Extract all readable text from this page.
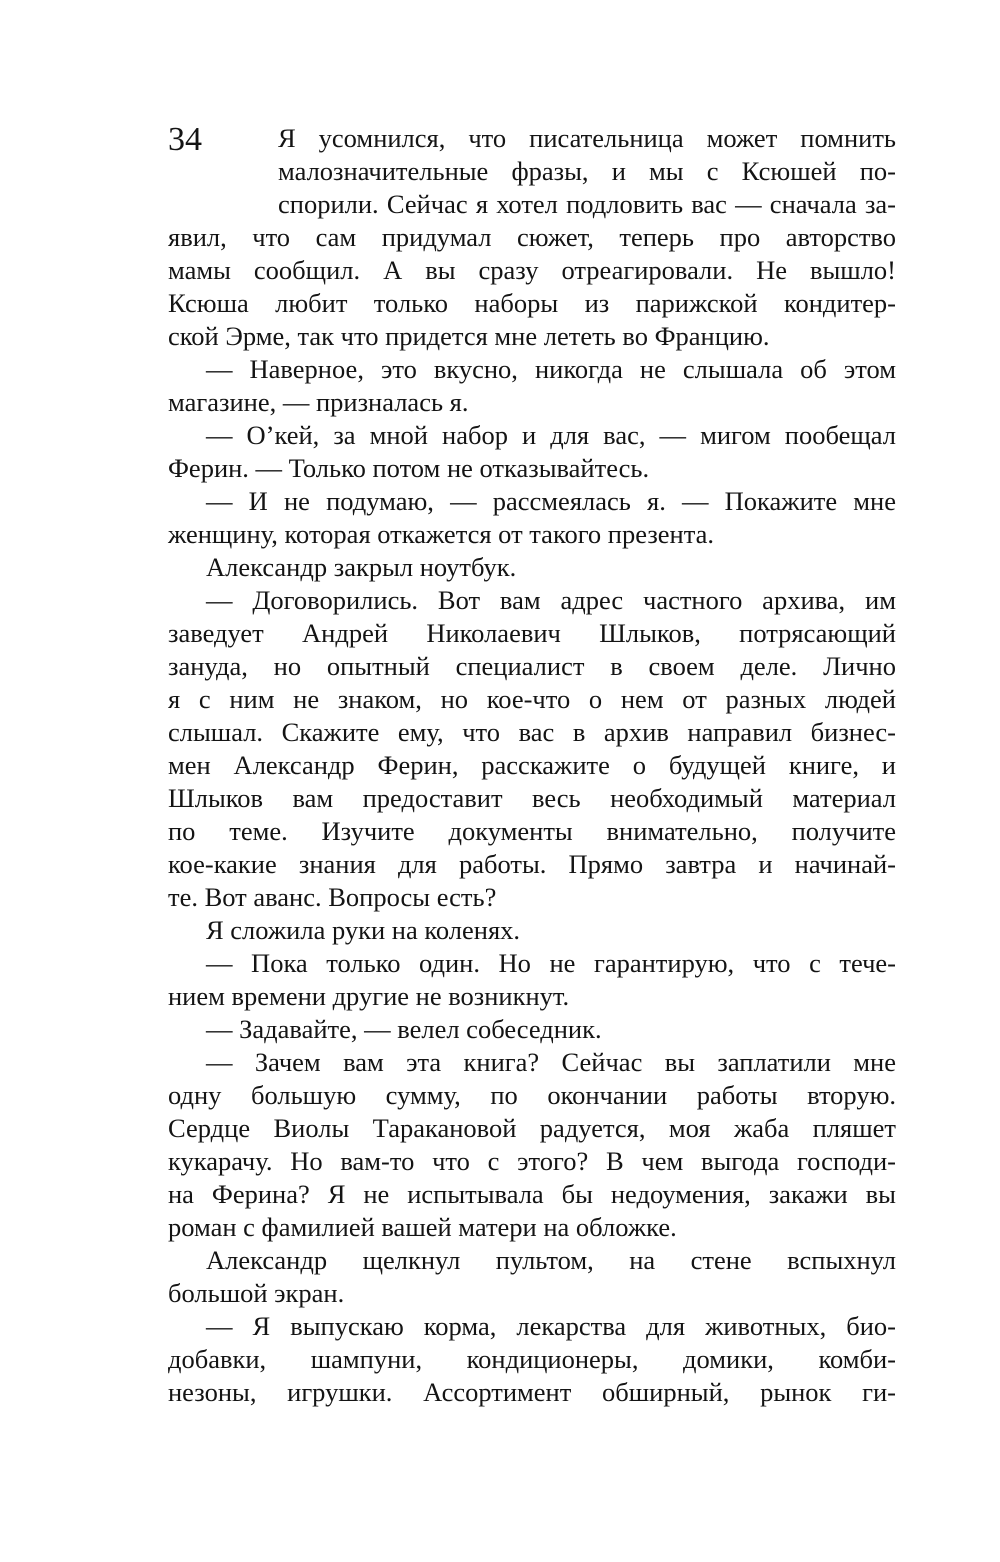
34	Я усомнился, что писательница может помнить
малозначительные фразы, и мы с Ксюшей по-
спорили. Сейчас я хотел подловить вас — сначала за-
явил, что сам придумал сюжет, теперь про авторство
мамы сообщил. А вы сразу отреагировали. Не вышло!
Ксюша любит только наборы из парижской кондитер-
ской Эрме, так что придется мне лететь во Францию.
— Наверное, это вкусно, никогда не слышала об этом
магазине, — призналась я.
— О’кей, за мной набор и для вас, — мигом пообещал
Ферин. — Только потом не отказывайтесь.
— И не подумаю, — рассмеялась я. — Покажите мне
женщину, которая откажется от такого презента.
Александр закрыл ноутбук.
— Договорились. Вот вам адрес частного архива, им
заведует Андрей Николаевич Шлыков, потрясающий
зануда, но опытный специалист в своем деле. Лично
я с ним не знаком, но кое-что о нем от разных людей
слышал. Скажите ему, что вас в архив направил бизнес-
мен Александр Ферин, расскажите о будущей книге, и
Шлыков вам предоставит весь необходимый материал
по теме. Изучите документы внимательно, получите
кое-какие знания для работы. Прямо завтра и начинай-
те. Вот аванс. Вопросы есть?
Я сложила руки на коленях.
— Пока только один. Но не гарантирую, что с тече-
нием времени другие не возникнут.
— Задавайте, — велел собеседник.
— Зачем вам эта книга? Сейчас вы заплатили мне
одну большую сумму, по окончании работы вторую.
Сердце Виолы Таракановой радуется, моя жаба пляшет
кукарачу. Но вам-то что с этого? В чем выгода господи-
на Ферина? Я не испытывала бы недоумения, закажи вы
роман с фамилией вашей матери на обложке.
Александр щелкнул пультом, на стене вспыхнул
большой экран.
— Я выпускаю корма, лекарства для животных, био-
добавки, шампуни, кондиционеры, домики, комби-
незоны, игрушки. Ассортимент обширный, рынок ги-
